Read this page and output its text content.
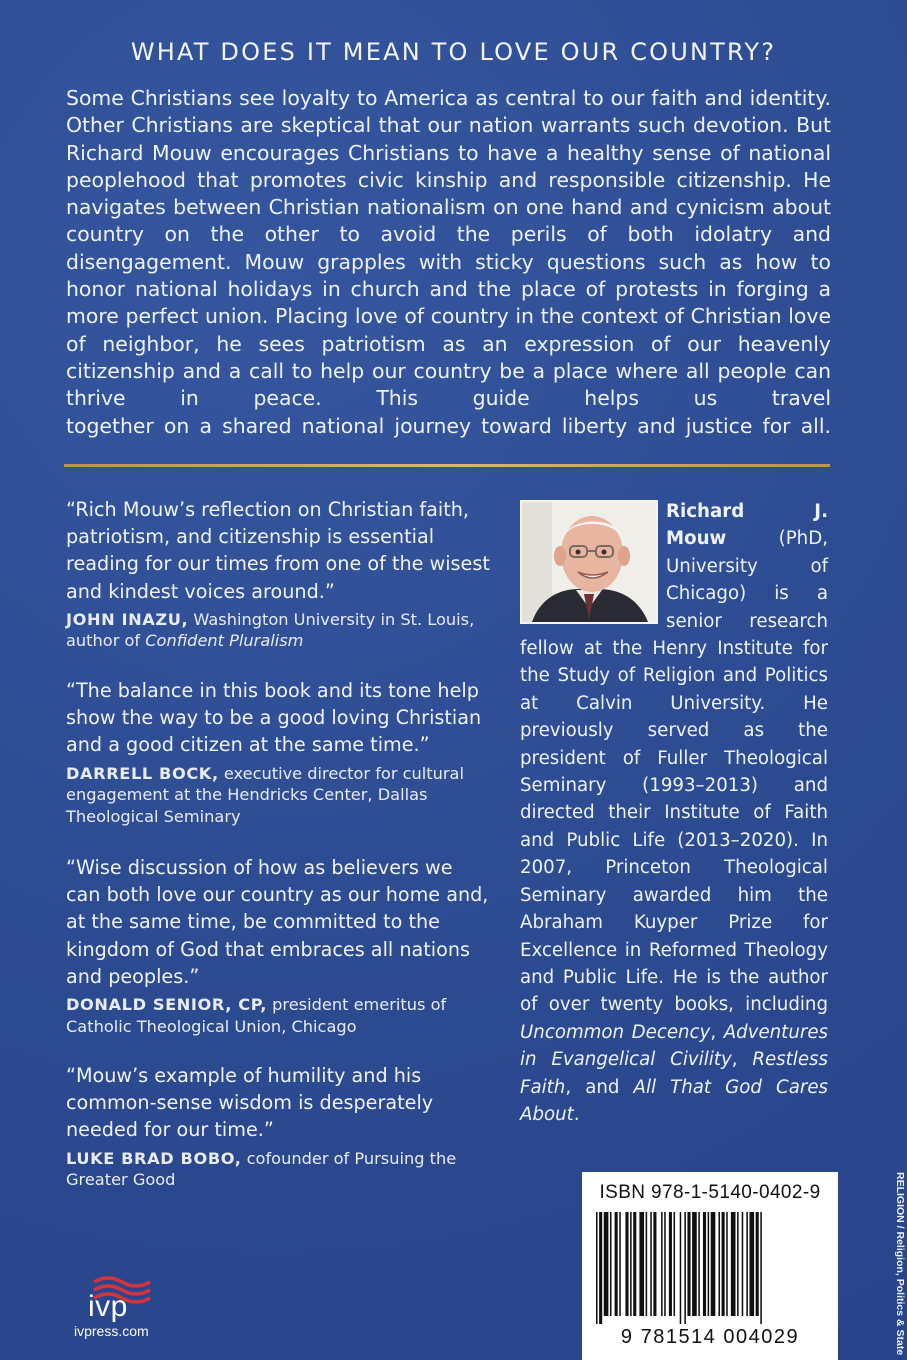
WHAT DOES IT MEAN TO LOVE OUR COUNTRY?
Some Christians see loyalty to America as central to our faith and identity. Other Christians are skeptical that our nation warrants such devotion. But Richard Mouw encourages Christians to have a healthy sense of national peoplehood that promotes civic kinship and responsible citizenship. He navigates between Christian nationalism on one hand and cynicism about country on the other to avoid the perils of both idolatry and disengagement. Mouw grapples with sticky questions such as how to honor national holidays in church and the place of protests in forging a more perfect union. Placing love of country in the context of Christian love of neighbor, he sees patriotism as an expression of our heavenly citizenship and a call to help our country be a place where all people can thrive in peace. This guide helps us travel
together on a shared national journey toward liberty and justice for all.
“Rich Mouw’s reflection on Christian faith, patriotism, and citizenship is essential reading for our times from one of the wisest and kindest voices around.”
JOHN INAZU, Washington University in St. Louis, author of Confident Pluralism
“The balance in this book and its tone help show the way to be a good loving Christian and a good citizen at the same time.”
DARRELL BOCK, executive director for cultural engagement at the Hendricks Center, Dallas Theological Seminary
“Wise discussion of how as believers we can both love our country as our home and, at the same time, be committed to the kingdom of God that embraces all nations and peoples.”
DONALD SENIOR, CP, president emeritus of Catholic Theological Union, Chicago
“Mouw’s example of humility and his common-sense wisdom is desperately needed for our time.”
LUKE BRAD BOBO, cofounder of Pursuing the Greater Good

Richard J. Mouw (PhD, University of Chicago) is a senior research fellow at the Henry Institute for the Study of Religion and Politics at Calvin University. He previously served as the president of Fuller Theological Seminary (1993–2013) and directed their Institute of Faith and Public Life (2013–2020). In 2007, Princeton Theological Seminary awarded him the Abraham Kuyper Prize for Excellence in Reformed Theology and Public Life. He is the author of over twenty books, including Uncommon Decency, Adventures in Evangelical Civility, Restless Faith, and All That God Cares About.

ISBN 978-1-5140-0402-9
9 781514 004029	RELIGION / Religion, Politics & State
ivp
ivpress.com
